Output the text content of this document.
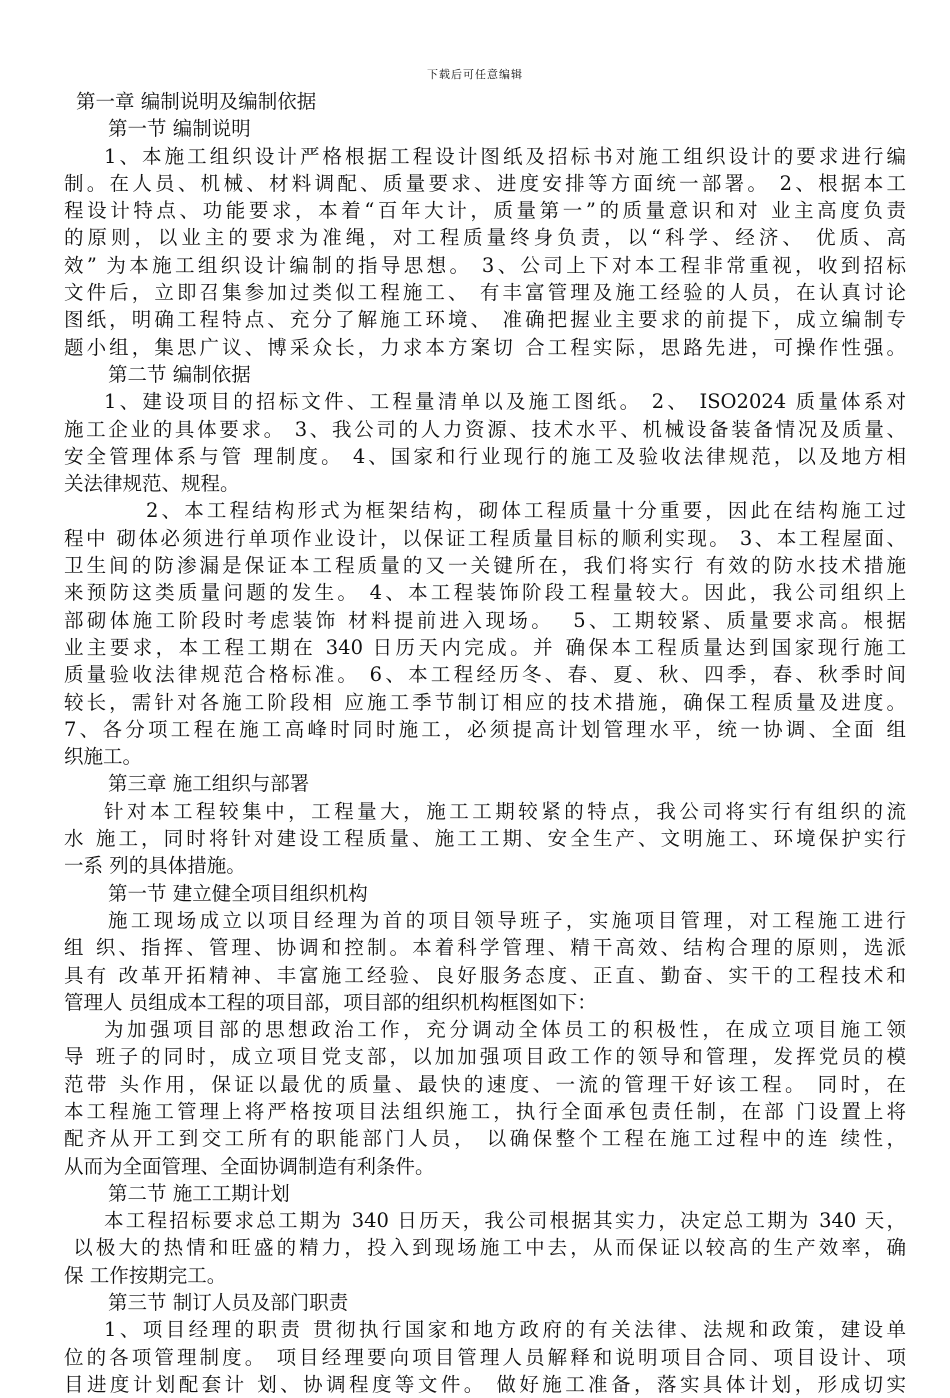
下载后可任意编辑
第一章 编制说明及编制依据
第一节 编制说明
1、本施工组织设计严格根据工程设计图纸及招标书对施工组织设计的要求进行编
制。在人员、机械、材料调配、质量要求、进度安排等方面统一部署。 2、根据本工
程设计特点、功能要求，本着“百年大计，质量第一”的质量意识和对 业主高度负责
的原则，以业主的要求为准绳，对工程质量终身负责，以“科学、经济、 优质、高
效” 为本施工组织设计编制的指导思想。 3、公司上下对本工程非常重视，收到招标
文件后，立即召集参加过类似工程施工、 有丰富管理及施工经验的人员，在认真讨论
图纸，明确工程特点、充分了解施工环境、 准确把握业主要求的前提下，成立编制专
题小组，集思广议、博采众长，力求本方案切 合工程实际，思路先进，可操作性强。
第二节 编制依据
1、建设项目的招标文件、工程量清单以及施工图纸。 2、 ISO2024 质量体系对
施工企业的具体要求。 3、我公司的人力资源、技术水平、机械设备装备情况及质量、
安全管理体系与管 理制度。 4、国家和行业现行的施工及验收法律规范，以及地方相
关法律规范、规程。
2、本工程结构形式为框架结构，砌体工程质量十分重要，因此在结构施工过
程中 砌体必须进行单项作业设计，以保证工程质量目标的顺利实现。 3、本工程屋面、
卫生间的防渗漏是保证本工程质量的又一关键所在，我们将实行 有效的防水技术措施
来预防这类质量问题的发生。 4、本工程装饰阶段工程量较大。因此，我公司组织上
部砌体施工阶段时考虑装饰 材料提前进入现场。  5、工期较紧、质量要求高。根据
业主要求，本工程工期在 340 日历天内完成。并 确保本工程质量达到国家现行施工
质量验收法律规范合格标准。 6、本工程经历冬、春、夏、秋、四季，春、秋季时间
较长，需针对各施工阶段相 应施工季节制订相应的技术措施，确保工程质量及进度。
7、各分项工程在施工高峰时同时施工，必须提高计划管理水平，统一协调、全面 组
织施工。
第三章 施工组织与部署
针对本工程较集中，工程量大，施工工期较紧的特点，我公司将实行有组织的流
水 施工，同时将针对建设工程质量、施工工期、安全生产、文明施工、环境保护实行
一系 列的具体措施。
第一节 建立健全项目组织机构
施工现场成立以项目经理为首的项目领导班子，实施项目管理，对工程施工进行
组 织、指挥、管理、协调和控制。本着科学管理、精干高效、结构合理的原则，选派
具有 改革开拓精神、丰富施工经验、良好服务态度、正直、勤奋、实干的工程技术和
管理人 员组成本工程的项目部，项目部的组织机构框图如下：
为加强项目部的思想政治工作，充分调动全体员工的积极性，在成立项目施工领
导 班子的同时，成立项目党支部，以加加强项目政工作的领导和管理，发挥党员的模
范带 头作用，保证以最优的质量、最快的速度、一流的管理干好该工程。 同时，在
本工程施工管理上将严格按项目法组织施工，执行全面承包责任制，在部 门设置上将
配齐从开工到交工所有的职能部门人员， 以确保整个工程在施工过程中的连 续性，
从而为全面管理、全面协调制造有利条件。
第二节 施工工期计划
本工程招标要求总工期为 340 日历天，我公司根据其实力，决定总工期为 340 天，
以极大的热情和旺盛的精力，投入到现场施工中去，从而保证以较高的生产效率，确
保 工作按期完工。
第三节 制订人员及部门职责
1、项目经理的职责 贯彻执行国家和地方政府的有关法律、法规和政策，建设单
位的各项管理制度。 项目经理要向项目管理人员解释和说明项目合同、项目设计、项
目进度计划配套计 划、协调程度等文件。 做好施工准备，落实具体计划，形成切实
